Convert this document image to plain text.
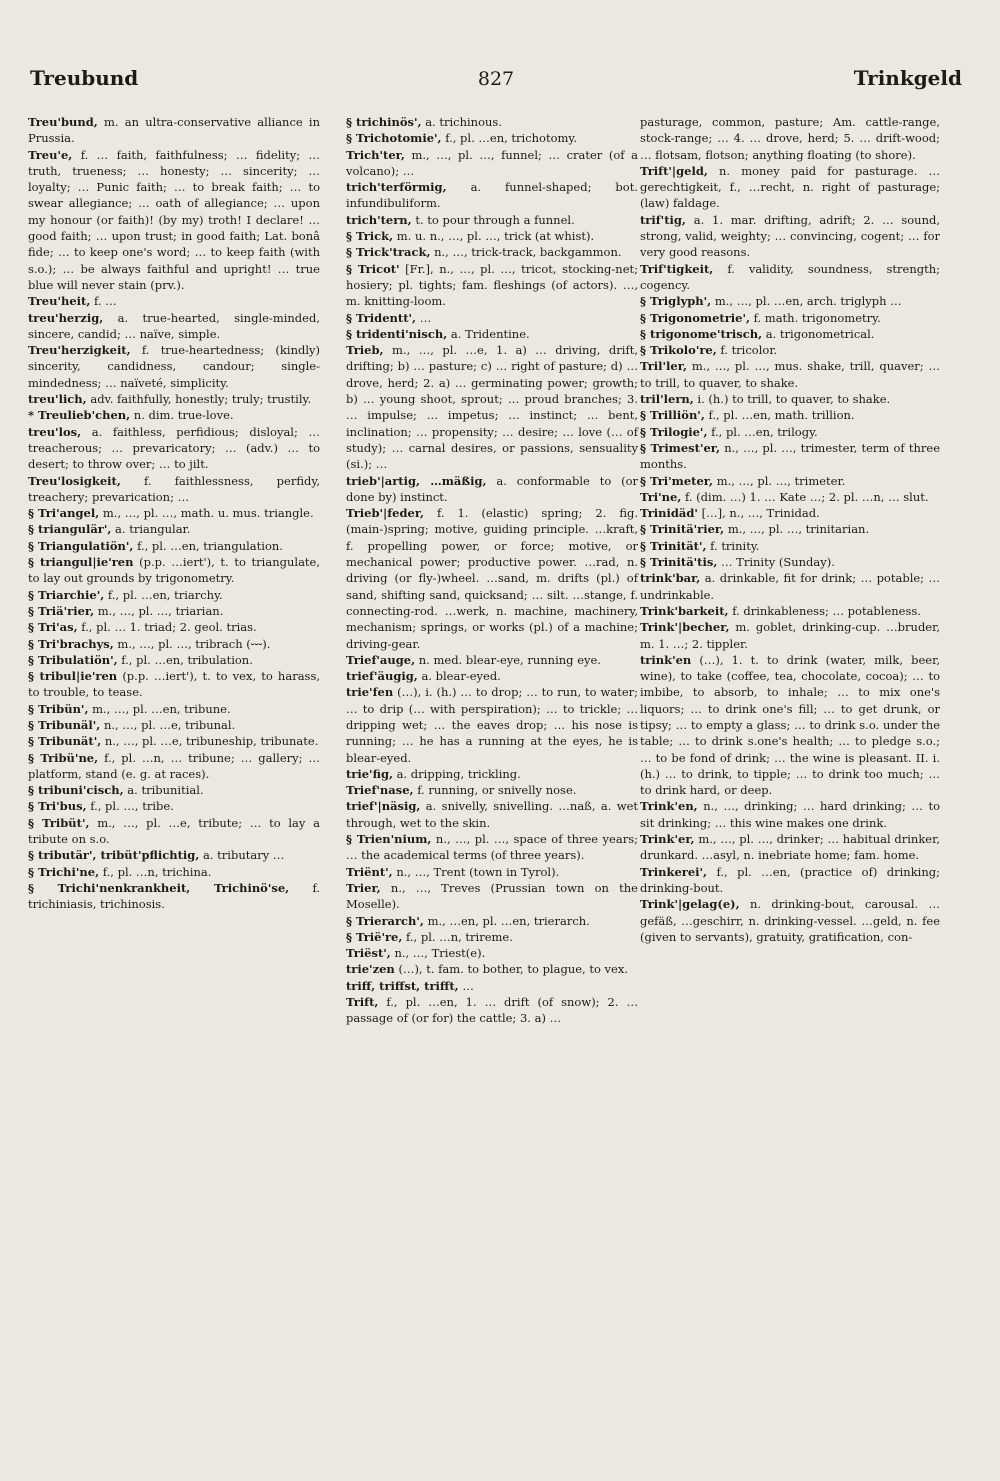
Treubund	827	Trinkgeld

Treu'bund, m. an ultra-conservative alliance in Prussia.

Treu'e, f. … faith, faithfulness; … fidelity; … truth, trueness; … honesty; … sincerity; … loyalty; … Punic faith; … to break faith; … to swear allegiance; … oath of allegiance; … upon my honour (or faith)! (by my) troth! I declare! … good faith; … upon trust; in good faith; Lat. bonâ fide; … to keep one's word; … to keep faith (with s.o.); … be always faithful and upright! … true blue will never stain (prv.).

Treu'heit, f. …

treu'herzig, a. true-hearted, single-minded, sincere, candid; … naïve, simple.

Treu'herzigkeit, f. true-heartedness; (kindly) sincerity, candidness, candour; single-mindedness; … naïveté, simplicity.

treu'lich, adv. faithfully, honestly; truly; trustily.

* Treulieb'chen, n. dim. true-love.

treu'los, a. faithless, perfidious; disloyal; … treacherous; … prevaricatory; … (adv.) … to desert; to throw over; … to jilt.

Treu'losigkeit, f. faithlessness, perfidy, treachery; prevarication; …

§ Tri'angel, m., …, pl. …, math. u. mus. triangle.

§ triangulär', a. triangular.

§ Triangulatiön', f., pl. …en, triangulation.

§ triangul|ie'ren (p.p. …iert'), t. to triangulate, to lay out grounds by trigonometry.

§ Triarchie', f., pl. …en, triarchy.

§ Triä'rier, m., …, pl. …, triarian.

§ Tri'as, f., pl. … 1. triad; 2. geol. trias.

§ Tri'brachys, m., …, pl. …, tribrach (⏑⏑⏑).

§ Tribulatiön', f., pl. …en, tribulation.

§ tribul|ie'ren (p.p. …iert'), t. to vex, to harass, to trouble, to tease.

§ Tribün', m., …, pl. …en, tribune.

§ Tribunäl', n., …, pl. …e, tribunal.

§ Tribunät', n., …, pl. …e, tribuneship, tribunate.

§ Tribü'ne, f., pl. …n, … tribune; … gallery; … platform, stand (e. g. at races).

§ tribuni'cisch, a. tribunitial.

§ Tri'bus, f., pl. …, tribe.

§ Tribüt', m., …, pl. …e, tribute; … to lay a tribute on s.o.

§ tributär', tribüt'pflichtig, a. tributary …

§ Trichi'ne, f., pl. …n, trichina.

§ Trichi'nenkrankheit, Trichinö'se, f. trichiniasis, trichinosis.

§ trichinös', a. trichinous.

§ Trichotomie', f., pl. …en, trichotomy.

Trich'ter, m., …, pl. …, funnel; … crater (of a volcano); …

trich'terförmig, a. funnel-shaped; bot. infundibuliform.

trich'tern, t. to pour through a funnel.

§ Trick, m. u. n., …, pl. …, trick (at whist).

§ Trick'track, n., …, trick-track, backgammon.

§ Tricot' [Fr.], n., …, pl. …, tricot, stocking-net; hosiery; pl. tights; fam. fleshings (of actors). …, m. knitting-loom.

§ Tridentt', …

§ tridenti'nisch, a. Tridentine.

Trieb, m., …, pl. …e, 1. a) … driving, drift, drifting; b) … pasture; c) … right of pasture; d) … drove, herd; 2. a) … germinating power; growth; b) … young shoot, sprout; … proud branches; 3. … impulse; … impetus; … instinct; … bent, inclination; … propensity; … desire; … love (… of study); … carnal desires, or passions, sensuality (si.); …

trieb'|artig, …mäßig, a. conformable to (or done by) instinct.

Trieb'|feder, f. 1. (elastic) spring; 2. fig. (main-)spring; motive, guiding principle. …kraft, f. propelling power, or force; motive, or mechanical power; productive power. …rad, n. driving (or fly-)wheel. …sand, m. drifts (pl.) of sand, shifting sand, quicksand; … silt. …stange, f. connecting-rod. …werk, n. machine, machinery, mechanism; springs, or works (pl.) of a machine; driving-gear.

Trief'auge, n. med. blear-eye, running eye.

trief'äugig, a. blear-eyed.

trie'fen (…), i. (h.) … to drop; … to run, to water; … to drip (… with perspiration); … to trickle; … dripping wet; … the eaves drop; … his nose is running; … he has a running at the eyes, he is blear-eyed.

trie'fig, a. dripping, trickling.

Trief'nase, f. running, or snivelly nose.

trief'|näsig, a. snivelly, snivelling. …naß, a. wet through, wet to the skin.

§ Trien'nium, n., …, pl. …, space of three years; … the academical terms (of three years).

Triënt', n., …, Trent (town in Tyrol).

Trier, n., …, Treves (Prussian town on the Moselle).

§ Trierarch', m., …en, pl. …en, trierarch.

§ Trië're, f., pl. …n, trireme.

Triëst', n., …, Triest(e).

trie'zen (…), t. fam. to bother, to plague, to vex.

triff, triffst, trifft, …

Trift, f., pl. …en, 1. … drift (of snow); 2. … passage of (or for) the cattle; 3. a) …

pasturage, common, pasture; Am. cattle-range, stock-range; … 4. … drove, herd; 5. … drift-wood; … flotsam, flotson; anything floating (to shore).

Trift'|geld, n. money paid for pasturage. …gerechtigkeit, f., …recht, n. right of pasturage; (law) faldage.

trif'tig, a. 1. mar. drifting, adrift; 2. … sound, strong, valid, weighty; … convincing, cogent; … for very good reasons.

Trif'tigkeit, f. validity, soundness, strength; cogency.

§ Triglyph', m., …, pl. …en, arch. triglyph …

§ Trigonometrie', f. math. trigonometry.

§ trigonome'trisch, a. trigonometrical.

§ Trikolo're, f. tricolor.

Tril'ler, m., …, pl. …, mus. shake, trill, quaver; … to trill, to quaver, to shake.

tril'lern, i. (h.) to trill, to quaver, to shake.

§ Trilliön', f., pl. …en, math. trillion.

§ Trilogie', f., pl. …en, trilogy.

§ Trimest'er, n., …, pl. …, trimester, term of three months.

§ Tri'meter, m., …, pl. …, trimeter.

Tri'ne, f. (dim. …) 1. … Kate …; 2. pl. …n, … slut.

Trinidäd' […], n., …, Trinidad.

§ Trinitä'rier, m., …, pl. …, trinitarian.

§ Trinität', f. trinity.

§ Trinitä'tis, … Trinity (Sunday).

trink'bar, a. drinkable, fit for drink; … potable; … undrinkable.

Trink'barkeit, f. drinkableness; … potableness.

Trink'|becher, m. goblet, drinking-cup. …bruder, m. 1. …; 2. tippler.

trink'en (…), 1. t. to drink (water, milk, beer, wine), to take (coffee, tea, chocolate, cocoa); … to imbibe, to absorb, to inhale; … to mix one's liquors; … to drink one's fill; … to get drunk, or tipsy; … to empty a glass; … to drink s.o. under the table; … to drink s.one's health; … to pledge s.o.; … to be fond of drink; … the wine is pleasant. II. i. (h.) … to drink, to tipple; … to drink too much; … to drink hard, or deep.

Trink'en, n., …, drinking; … hard drinking; … to sit drinking; … this wine makes one drink.

Trink'er, m., …, pl. …, drinker; … habitual drinker, drunkard. …asyl, n. inebriate home; fam. home.

Trinkerei', f., pl. …en, (practice of) drinking; drinking-bout.

Trink'|gelag(e), n. drinking-bout, carousal. …gefäß, …geschirr, n. drinking-vessel. …geld, n. fee (given to servants), gratuity, gratification, con-
